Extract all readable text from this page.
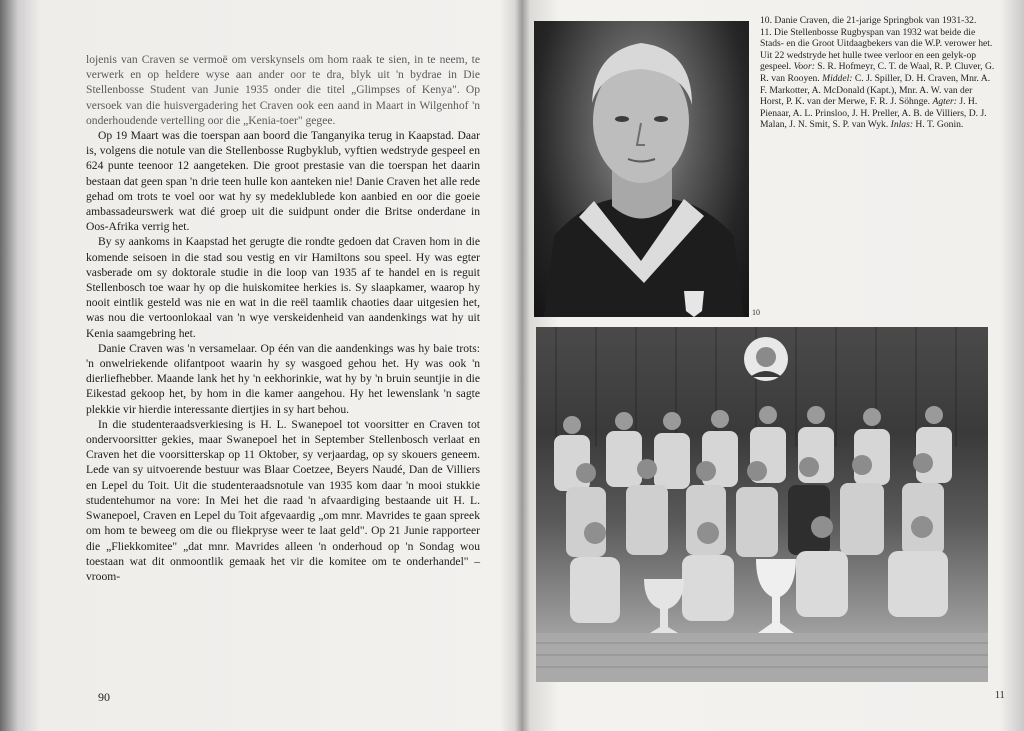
lojenis van Craven se vermoë om verskynsels om hom raak te sien, in te neem, te verwerk en op heldere wyse aan ander oor te dra, blyk uit 'n bydrae in Die Stellenbosse Student van Junie 1935 onder die titel „Glimpses of Kenya". Op versoek van die huisvergadering het Craven ook een aand in Maart in Wilgenhof 'n onderhoudende vertelling oor die „Kenia-toer" gegee.

Op 19 Maart was die toerspan aan boord die Tanganyika terug in Kaapstad. Daar is, volgens die notule van die Stellenbosse Rugbyklub, vyftien wedstryde gespeel en 624 punte teenoor 12 aangeteken. Die groot prestasie van die toerspan het daarin bestaan dat geen span 'n drie teen hulle kon aanteken nie! Danie Craven het alle rede gehad om trots te voel oor wat hy sy medeklublede kon aanbied en oor die goeie ambassadeurswerk wat dié groep uit die suidpunt onder die Britse onderdane in Oos-Afrika verrig het.

By sy aankoms in Kaapstad het gerugte die rondte gedoen dat Craven hom in die komende seisoen in die stad sou vestig en vir Hamiltons sou speel. Hy was egter vasberade om sy doktorale studie in die loop van 1935 af te handel en is reguit Stellenbosch toe waar hy op die huiskomitee herkies is. Sy slaapkamer, waarop hy nooit eintlik gesteld was nie en wat in die reël taamlik chaoties daar uitgesien het, was nou die vertoonlokaal van 'n wye verskeidenheid van aandenkings wat hy uit Kenia saamgebring het.

Danie Craven was 'n versamelaar. Op één van die aandenkings was hy baie trots: 'n onwelriekende olifantpoot waarin hy sy wasgoed gehou het. Hy was ook 'n dierliefhebber. Maande lank het hy 'n eekhorinkie, wat hy by 'n bruin seuntjie in die Eikestad gekoop het, by hom in die kamer aangehou. Hy het lewenslank 'n sagte plekkie vir hierdie interessante diertjies in sy hart behou.

In die studenteraadsverkiesing is H. L. Swanepoel tot voorsitter en Craven tot ondervoorsitter gekies, maar Swanepoel het in September Stellenbosch verlaat en Craven het die voorsitterskap op 11 Oktober, sy verjaardag, op sy skouers geneem. Lede van sy uitvoerende bestuur was Blaar Coetzee, Beyers Naudé, Dan de Villiers en Lepel du Toit. Uit die studenteraadsnotule van 1935 kom daar 'n mooi stukkie studentehumor na vore: In Mei het die raad 'n afvaardiging bestaande uit H. L. Swanepoel, Craven en Lepel du Toit afgevaardig „om mnr. Mavrides te gaan spreek om hom te beweeg om die ou fliekpryse weer te laat geld". Op 21 Junie rapporteer die „Fliekkomitee" „dat mnr. Mavrides alleen 'n onderhoud op 'n Sondag wou toestaan wat dit onmoontlik gemaak het vir die komitee om te onderhandel" – vroom-

90
10

10. Danie Craven, die 21-jarige Springbok van 1931-32.

11. Die Stellenbosse Rugbyspan van 1932 wat beide die Stads- en die Groot Uitdaagbekers van die W.P. verower het. Uit 22 wedstryde het hulle twee verloor en een gelyk-op gespeel. Voor: S. R. Hofmeyr, C. T. de Waal, R. P. Cluver, G. R. van Rooyen. Middel: C. J. Spiller, D. H. Craven, Mnr. A. F. Markotter, A. McDonald (Kapt.), Mnr. A. W. van der Horst, P. K. van der Merwe, F. R. J. Söhnge. Agter: J. H. Pienaar, A. L. Prinsloo, J. H. Preller, A. B. de Villiers, D. J. Malan, J. N. Smit, S. P. van Wyk. Inlas: H. T. Gonin.

11
